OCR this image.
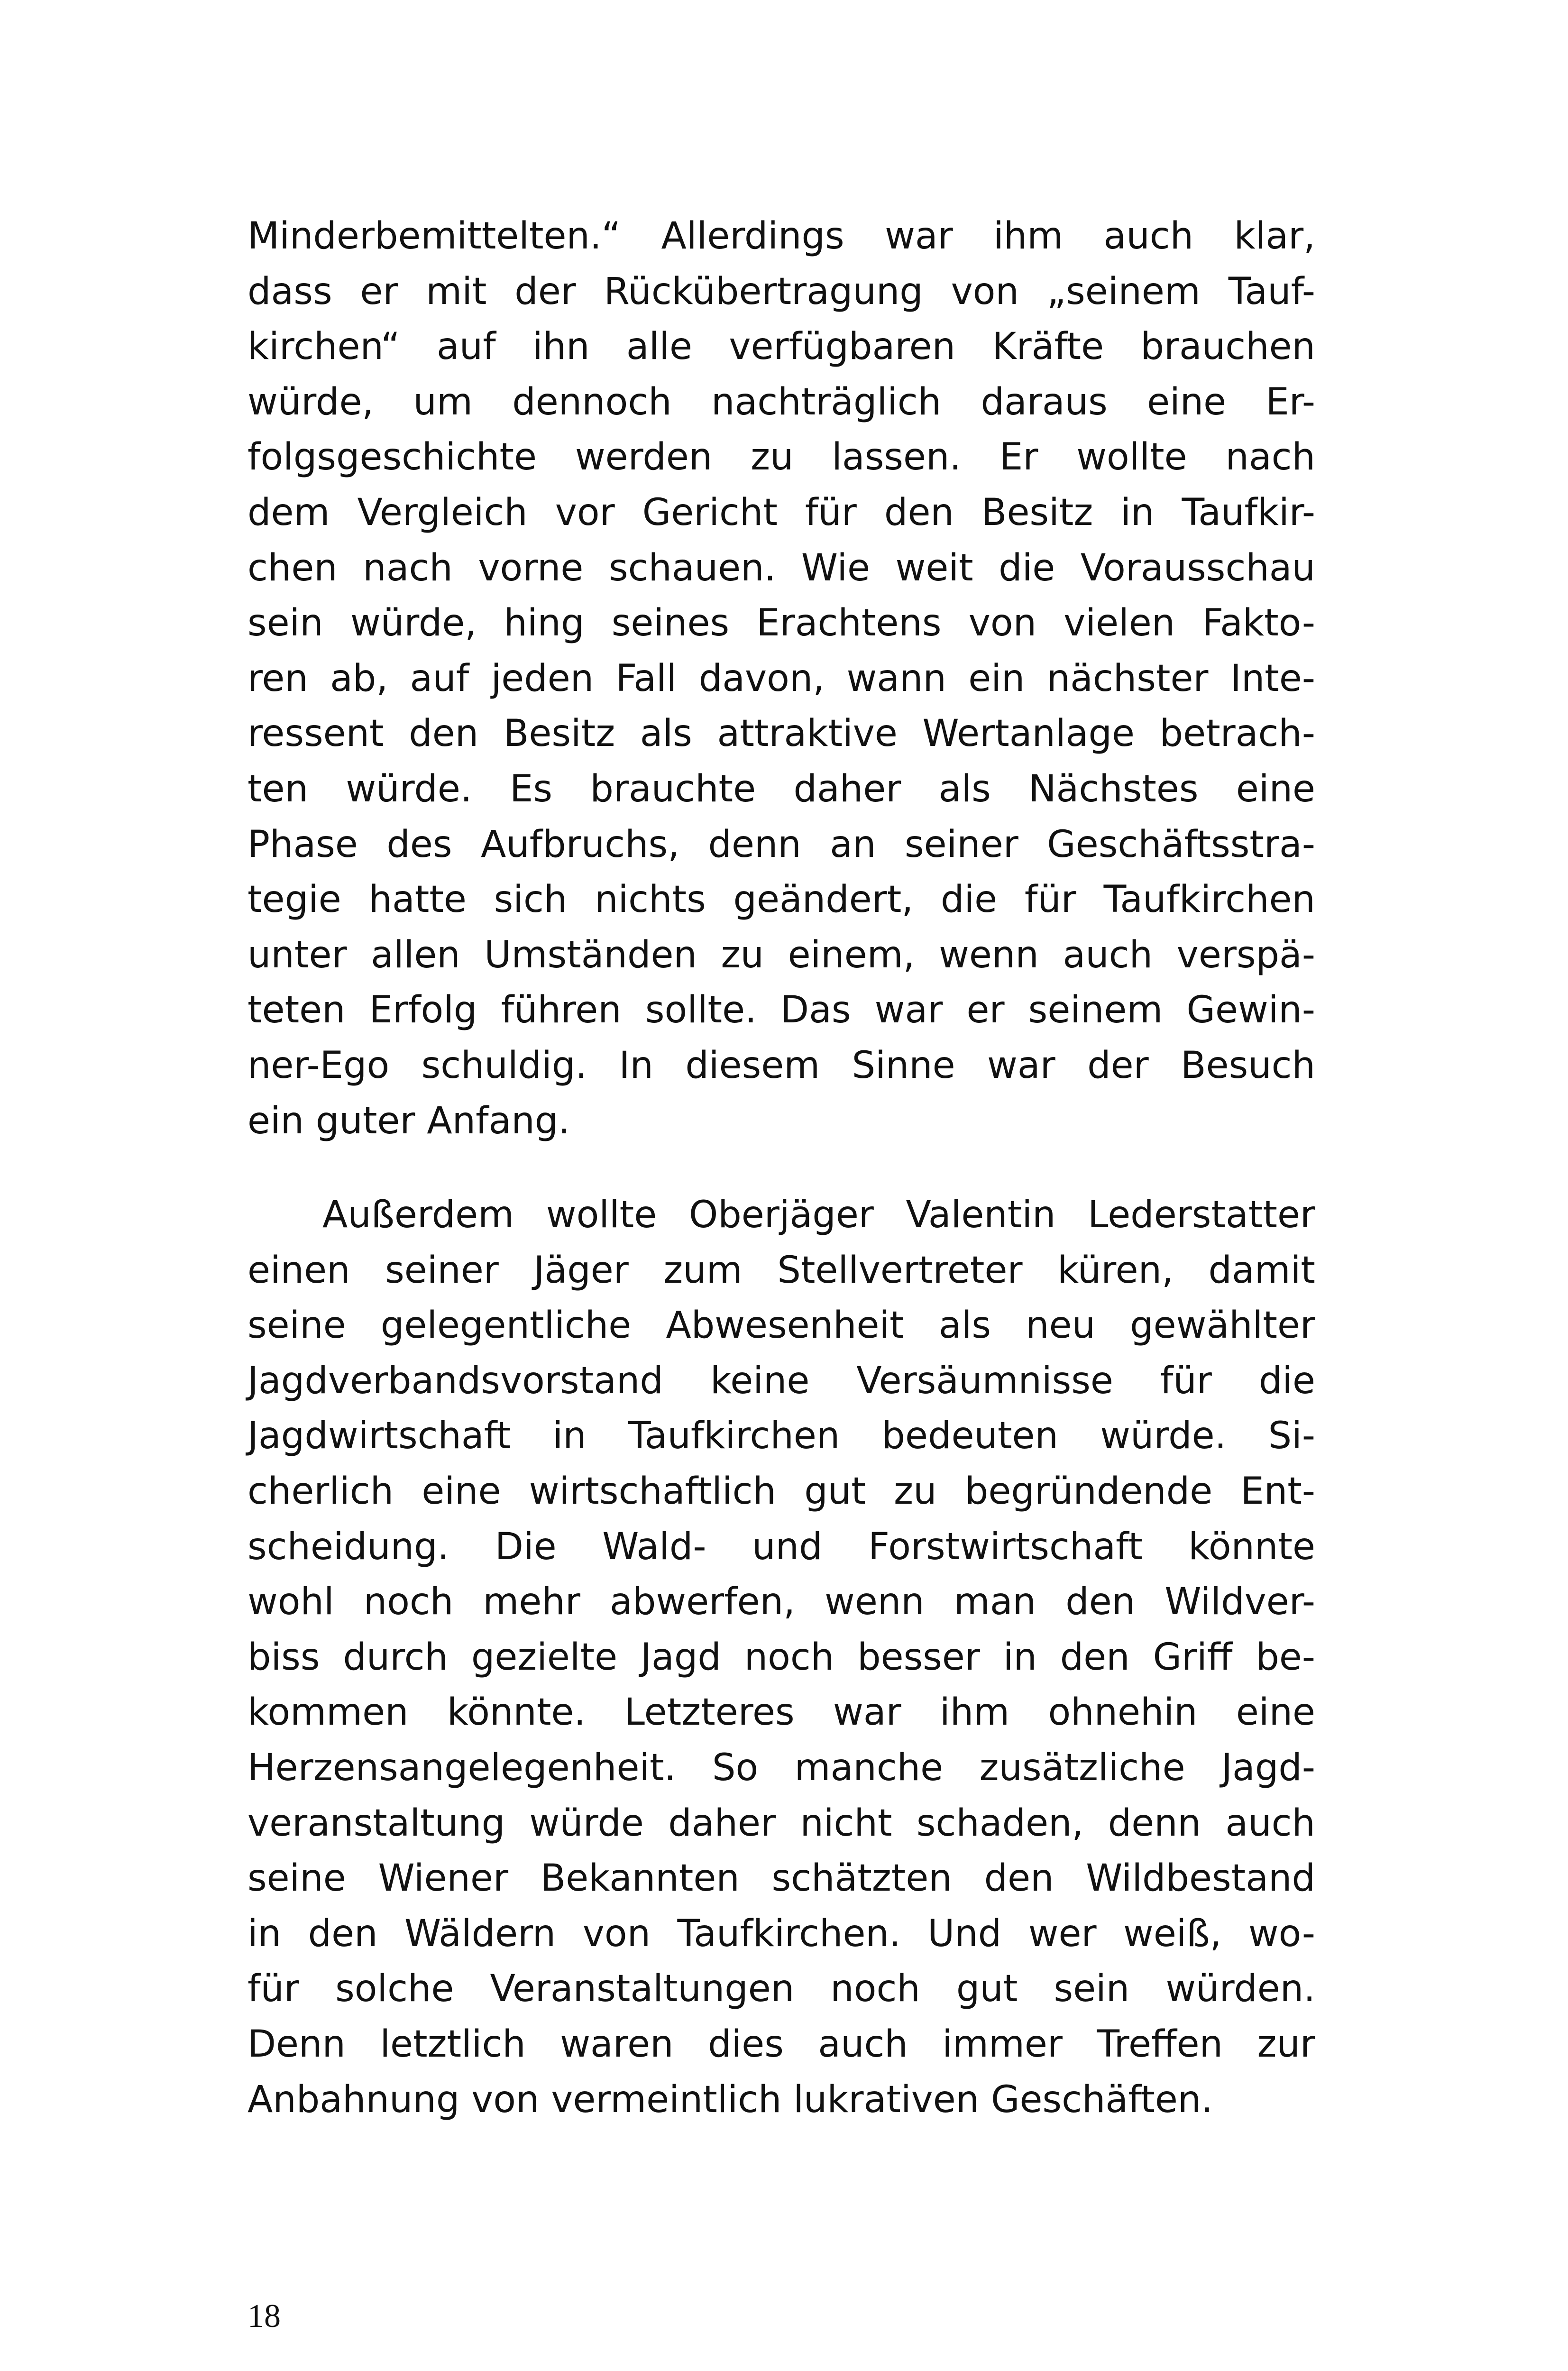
Minderbemittelten.“ Allerdings war ihm auch klar,
dass er mit der Rückübertragung von „seinem Tauf-
kirchen“ auf ihn alle verfügbaren Kräfte brauchen
würde, um dennoch nachträglich daraus eine Er-
folgsgeschichte werden zu lassen. Er wollte nach
dem Vergleich vor Gericht für den Besitz in Taufkir-
chen nach vorne schauen. Wie weit die Vorausschau
sein würde, hing seines Erachtens von vielen Fakto-
ren ab, auf jeden Fall davon, wann ein nächster Inte-
ressent den Besitz als attraktive Wertanlage betrach-
ten würde. Es brauchte daher als Nächstes eine
Phase des Aufbruchs, denn an seiner Geschäftsstra-
tegie hatte sich nichts geändert, die für Taufkirchen
unter allen Umständen zu einem, wenn auch verspä-
teten Erfolg führen sollte. Das war er seinem Gewin-
ner-Ego schuldig. In diesem Sinne war der Besuch
ein guter Anfang.
Außerdem wollte Oberjäger Valentin Lederstatter
einen seiner Jäger zum Stellvertreter küren, damit
seine gelegentliche Abwesenheit als neu gewählter
Jagdverbandsvorstand keine Versäumnisse für die
Jagdwirtschaft in Taufkirchen bedeuten würde. Si-
cherlich eine wirtschaftlich gut zu begründende Ent-
scheidung. Die Wald- und Forstwirtschaft könnte
wohl noch mehr abwerfen, wenn man den Wildver-
biss durch gezielte Jagd noch besser in den Griff be-
kommen könnte. Letzteres war ihm ohnehin eine
Herzensangelegenheit. So manche zusätzliche Jagd-
veranstaltung würde daher nicht schaden, denn auch
seine Wiener Bekannten schätzten den Wildbestand
in den Wäldern von Taufkirchen. Und wer weiß, wo-
für solche Veranstaltungen noch gut sein würden.
Denn letztlich waren dies auch immer Treffen zur
Anbahnung von vermeintlich lukrativen Geschäften.
18
